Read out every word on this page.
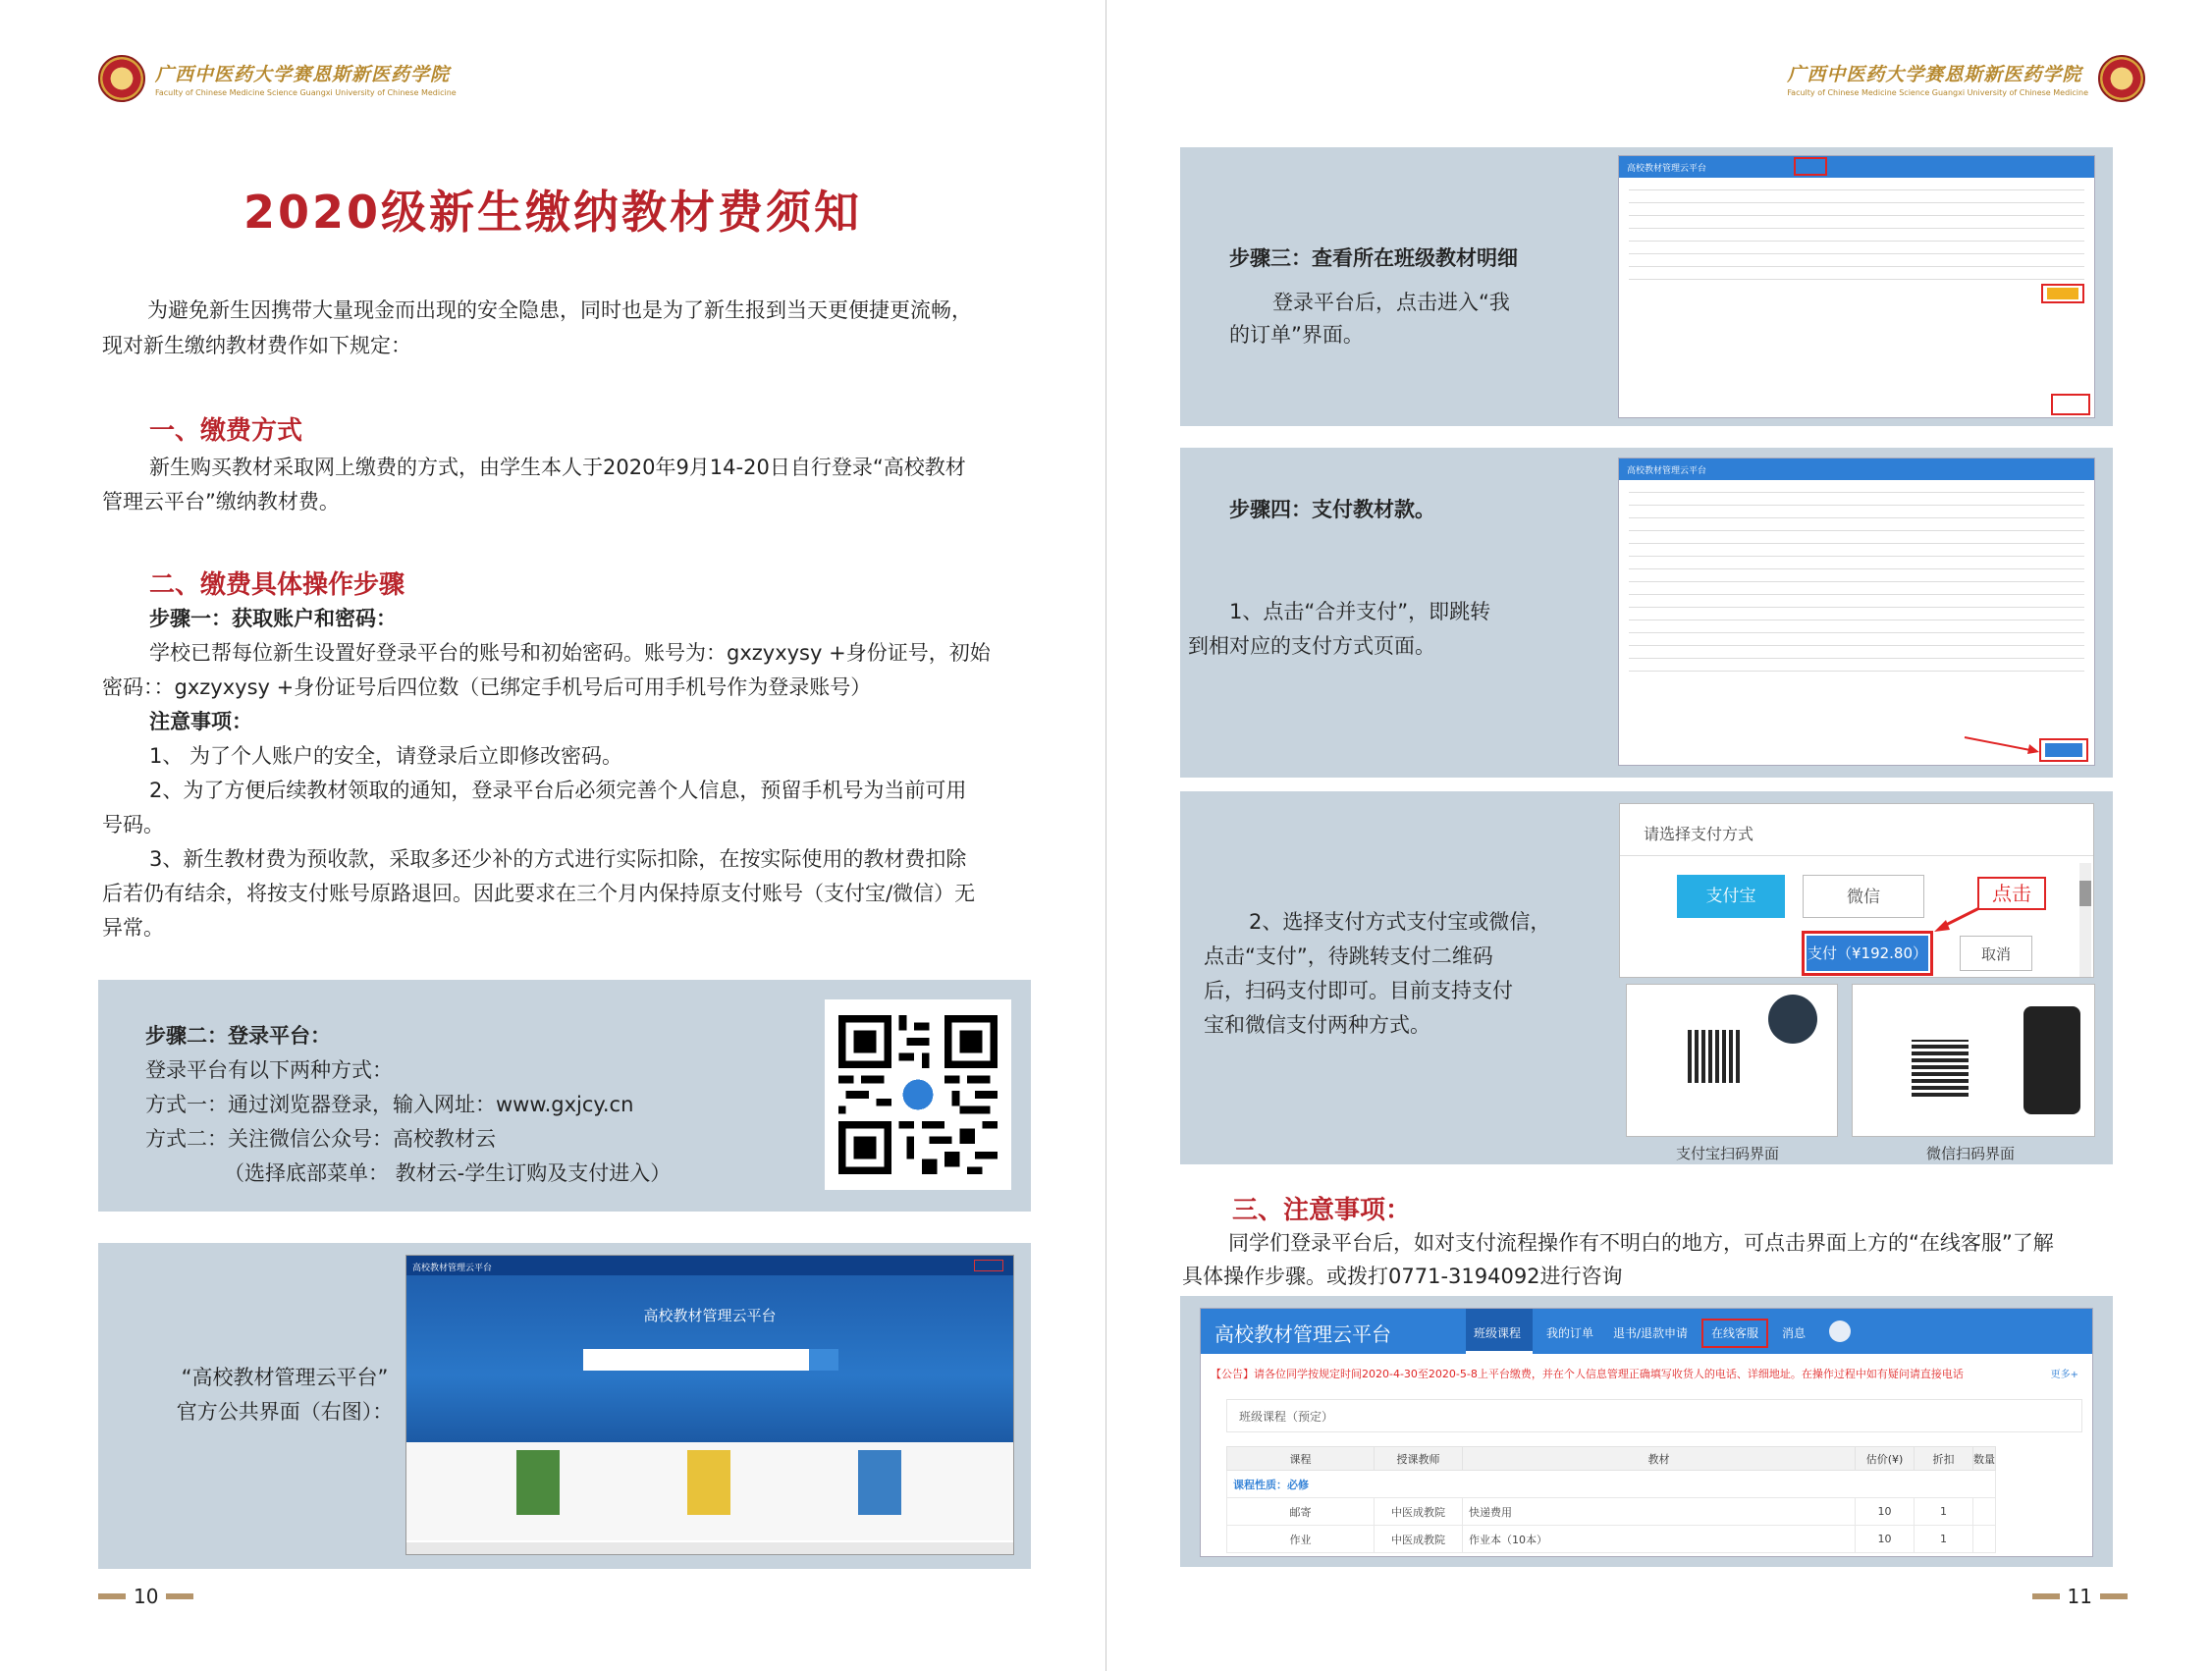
广西中医药大学赛恩斯新医药学院
Faculty of Chinese Medicine Science Guangxi University of Chinese Medicine
2020级新生缴纳教材费须知
为避免新生因携带大量现金而出现的安全隐患，同时也是为了新生报到当天更便捷更流畅，
现对新生缴纳教材费作如下规定：
一、缴费方式
新生购买教材采取网上缴费的方式，由学生本人于2020年9月14-20日自行登录“高校教材
管理云平台”缴纳教材费。
二、缴费具体操作步骤
步骤一：获取账户和密码：
学校已帮每位新生设置好登录平台的账号和初始密码。账号为：gxzyxysy +身份证号，初始
密码：：gxzyxysy +身份证号后四位数（已绑定手机号后可用手机号作为登录账号）
注意事项：
1、 为了个人账户的安全，请登录后立即修改密码。
2、为了方便后续教材领取的通知，登录平台后必须完善个人信息，预留手机号为当前可用
号码。
3、新生教材费为预收款，采取多还少补的方式进行实际扣除，在按实际使用的教材费扣除
后若仍有结余，将按支付账号原路退回。因此要求在三个月内保持原支付账号（支付宝/微信）无
异常。
步骤二：登录平台：
登录平台有以下两种方式：
方式一：通过浏览器登录，输入网址：www.gxjcy.cn
方式二：关注微信公众号：高校教材云
（选择底部菜单： 教材云-学生订购及支付进入）
“高校教材管理云平台”
官方公共界面（右图）：
高校教材管理云平台
高校教材管理云平台
10
广西中医药大学赛恩斯新医药学院
Faculty of Chinese Medicine Science Guangxi University of Chinese Medicine
步骤三：查看所在班级教材明细
登录平台后，点击进入“我
的订单”界面。
高校教材管理云平台
步骤四：支付教材款。
1、点击“合并支付”，即跳转
到相对应的支付方式页面。
高校教材管理云平台
2、选择支付方式支付宝或微信，
点击“支付”，待跳转支付二维码
后，扫码支付即可。目前支持支付
宝和微信支付两种方式。
请选择支付方式
支付宝	微信	点击
支付（¥192.80）	取消
支付宝扫码界面	微信扫码界面
三、注意事项：
同学们登录平台后，如对支付流程操作有不明白的地方，可点击界面上方的“在线客服”了解
具体操作步骤。或拨打0771-3194092进行咨询
高校教材管理云平台	班级课程 我的订单 退书/退款申请 在线客服 消息
【公告】请各位同学按规定时间2020-4-30至2020-5-8上平台缴费，并在个人信息管理正确填写收货人的电话、详细地址。在操作过程中如有疑问请直接电话	更多+
班级课程（预定）
课程	授课教师	教材	估价(¥)	折扣	数量
课程性质：必修					
邮寄	中医成教院	快递费用	10	1	
作业	中医成教院	作业本（10本）	10	1	
11
